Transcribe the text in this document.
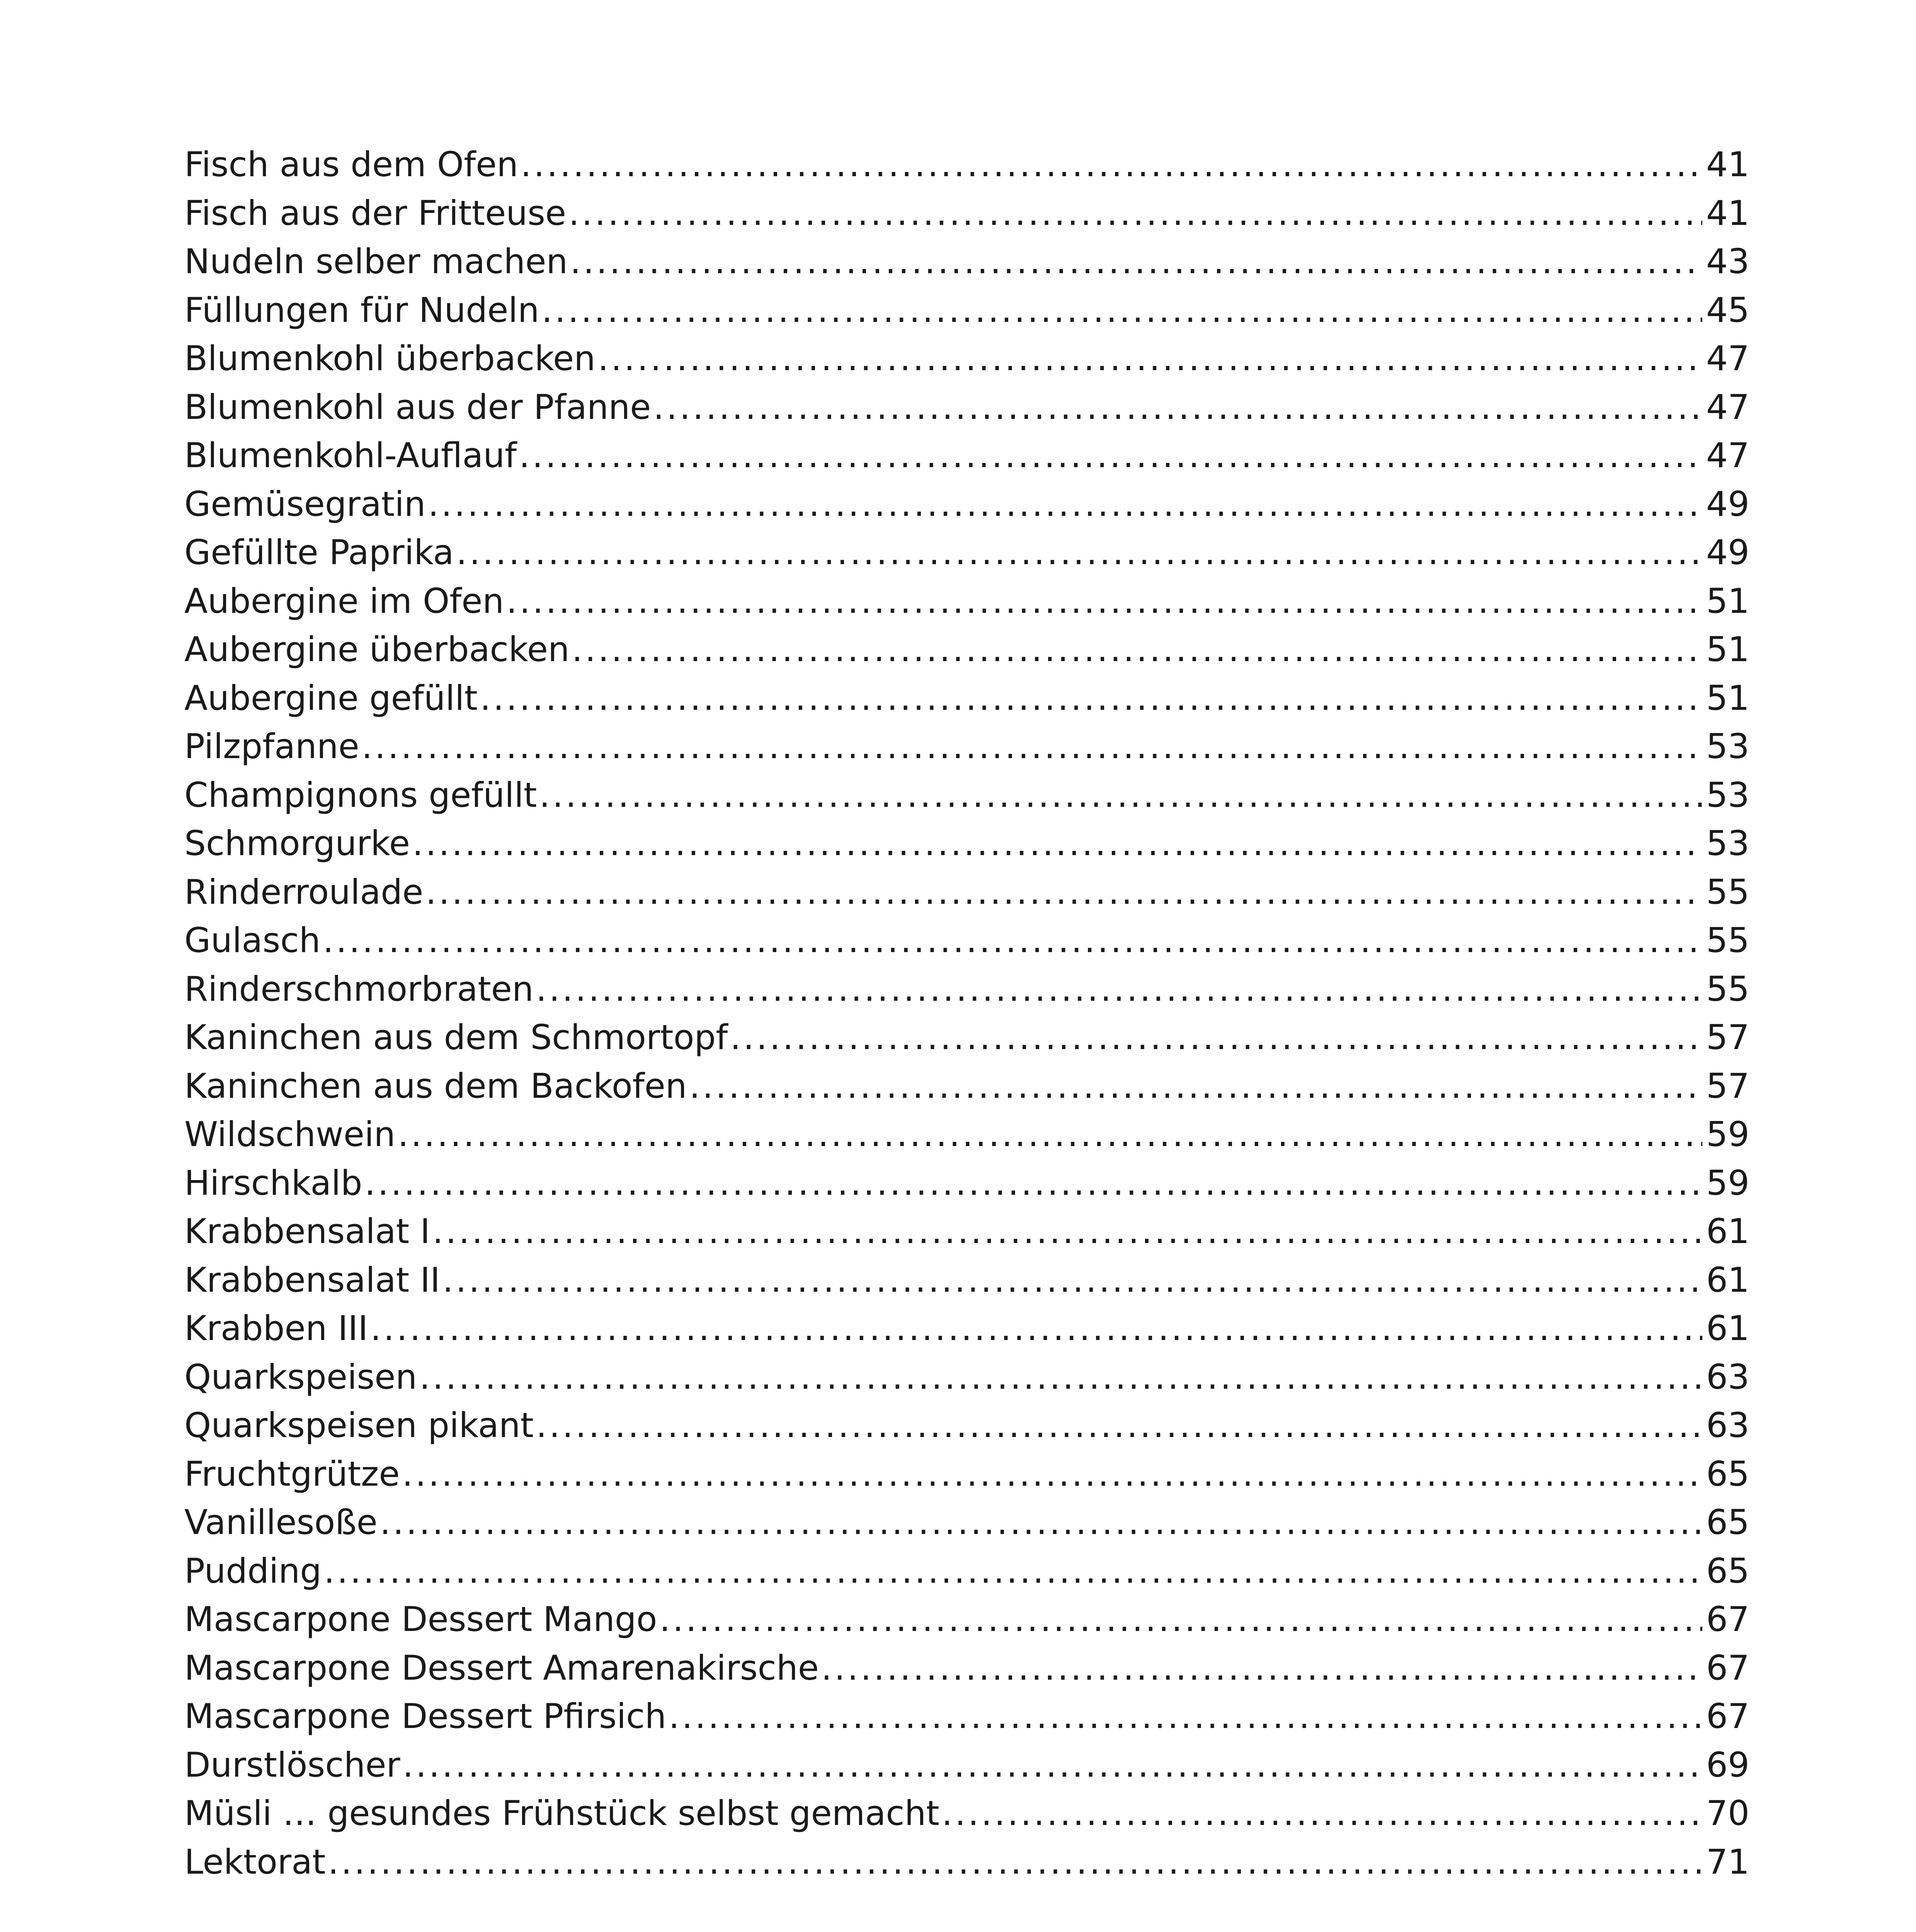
Fisch aus dem Ofen .....	41
Fisch aus der Fritteuse .....	41
Nudeln selber machen .....	43
Füllungen für Nudeln .....	45
Blumenkohl überbacken .....	47
Blumenkohl aus der Pfanne .....	47
Blumenkohl-Auflauf .....	47
Gemüsegratin .....	49
Gefüllte Paprika .....	49
Aubergine im Ofen .....	51
Aubergine überbacken .....	51
Aubergine gefüllt .....	51
Pilzpfanne .....	53
Champignons gefüllt .....	53
Schmorgurke .....	53
Rinderroulade .....	55
Gulasch .....	55
Rinderschmorbraten .....	55
Kaninchen aus dem Schmortopf .....	57
Kaninchen aus dem Backofen .....	57
Wildschwein .....	59
Hirschkalb .....	59
Krabbensalat I .....	61
Krabbensalat II .....	61
Krabben III .....	61
Quarkspeisen .....	63
Quarkspeisen pikant .....	63
Fruchtgrütze .....	65
Vanillesoße .....	65
Pudding .....	65
Mascarpone Dessert Mango .....	67
Mascarpone Dessert Amarenakirsche .....	67
Mascarpone Dessert Pfirsich .....	67
Durstlöscher .....	69
Müsli … gesundes Frühstück selbst gemacht .....	70
Lektorat .....	71
